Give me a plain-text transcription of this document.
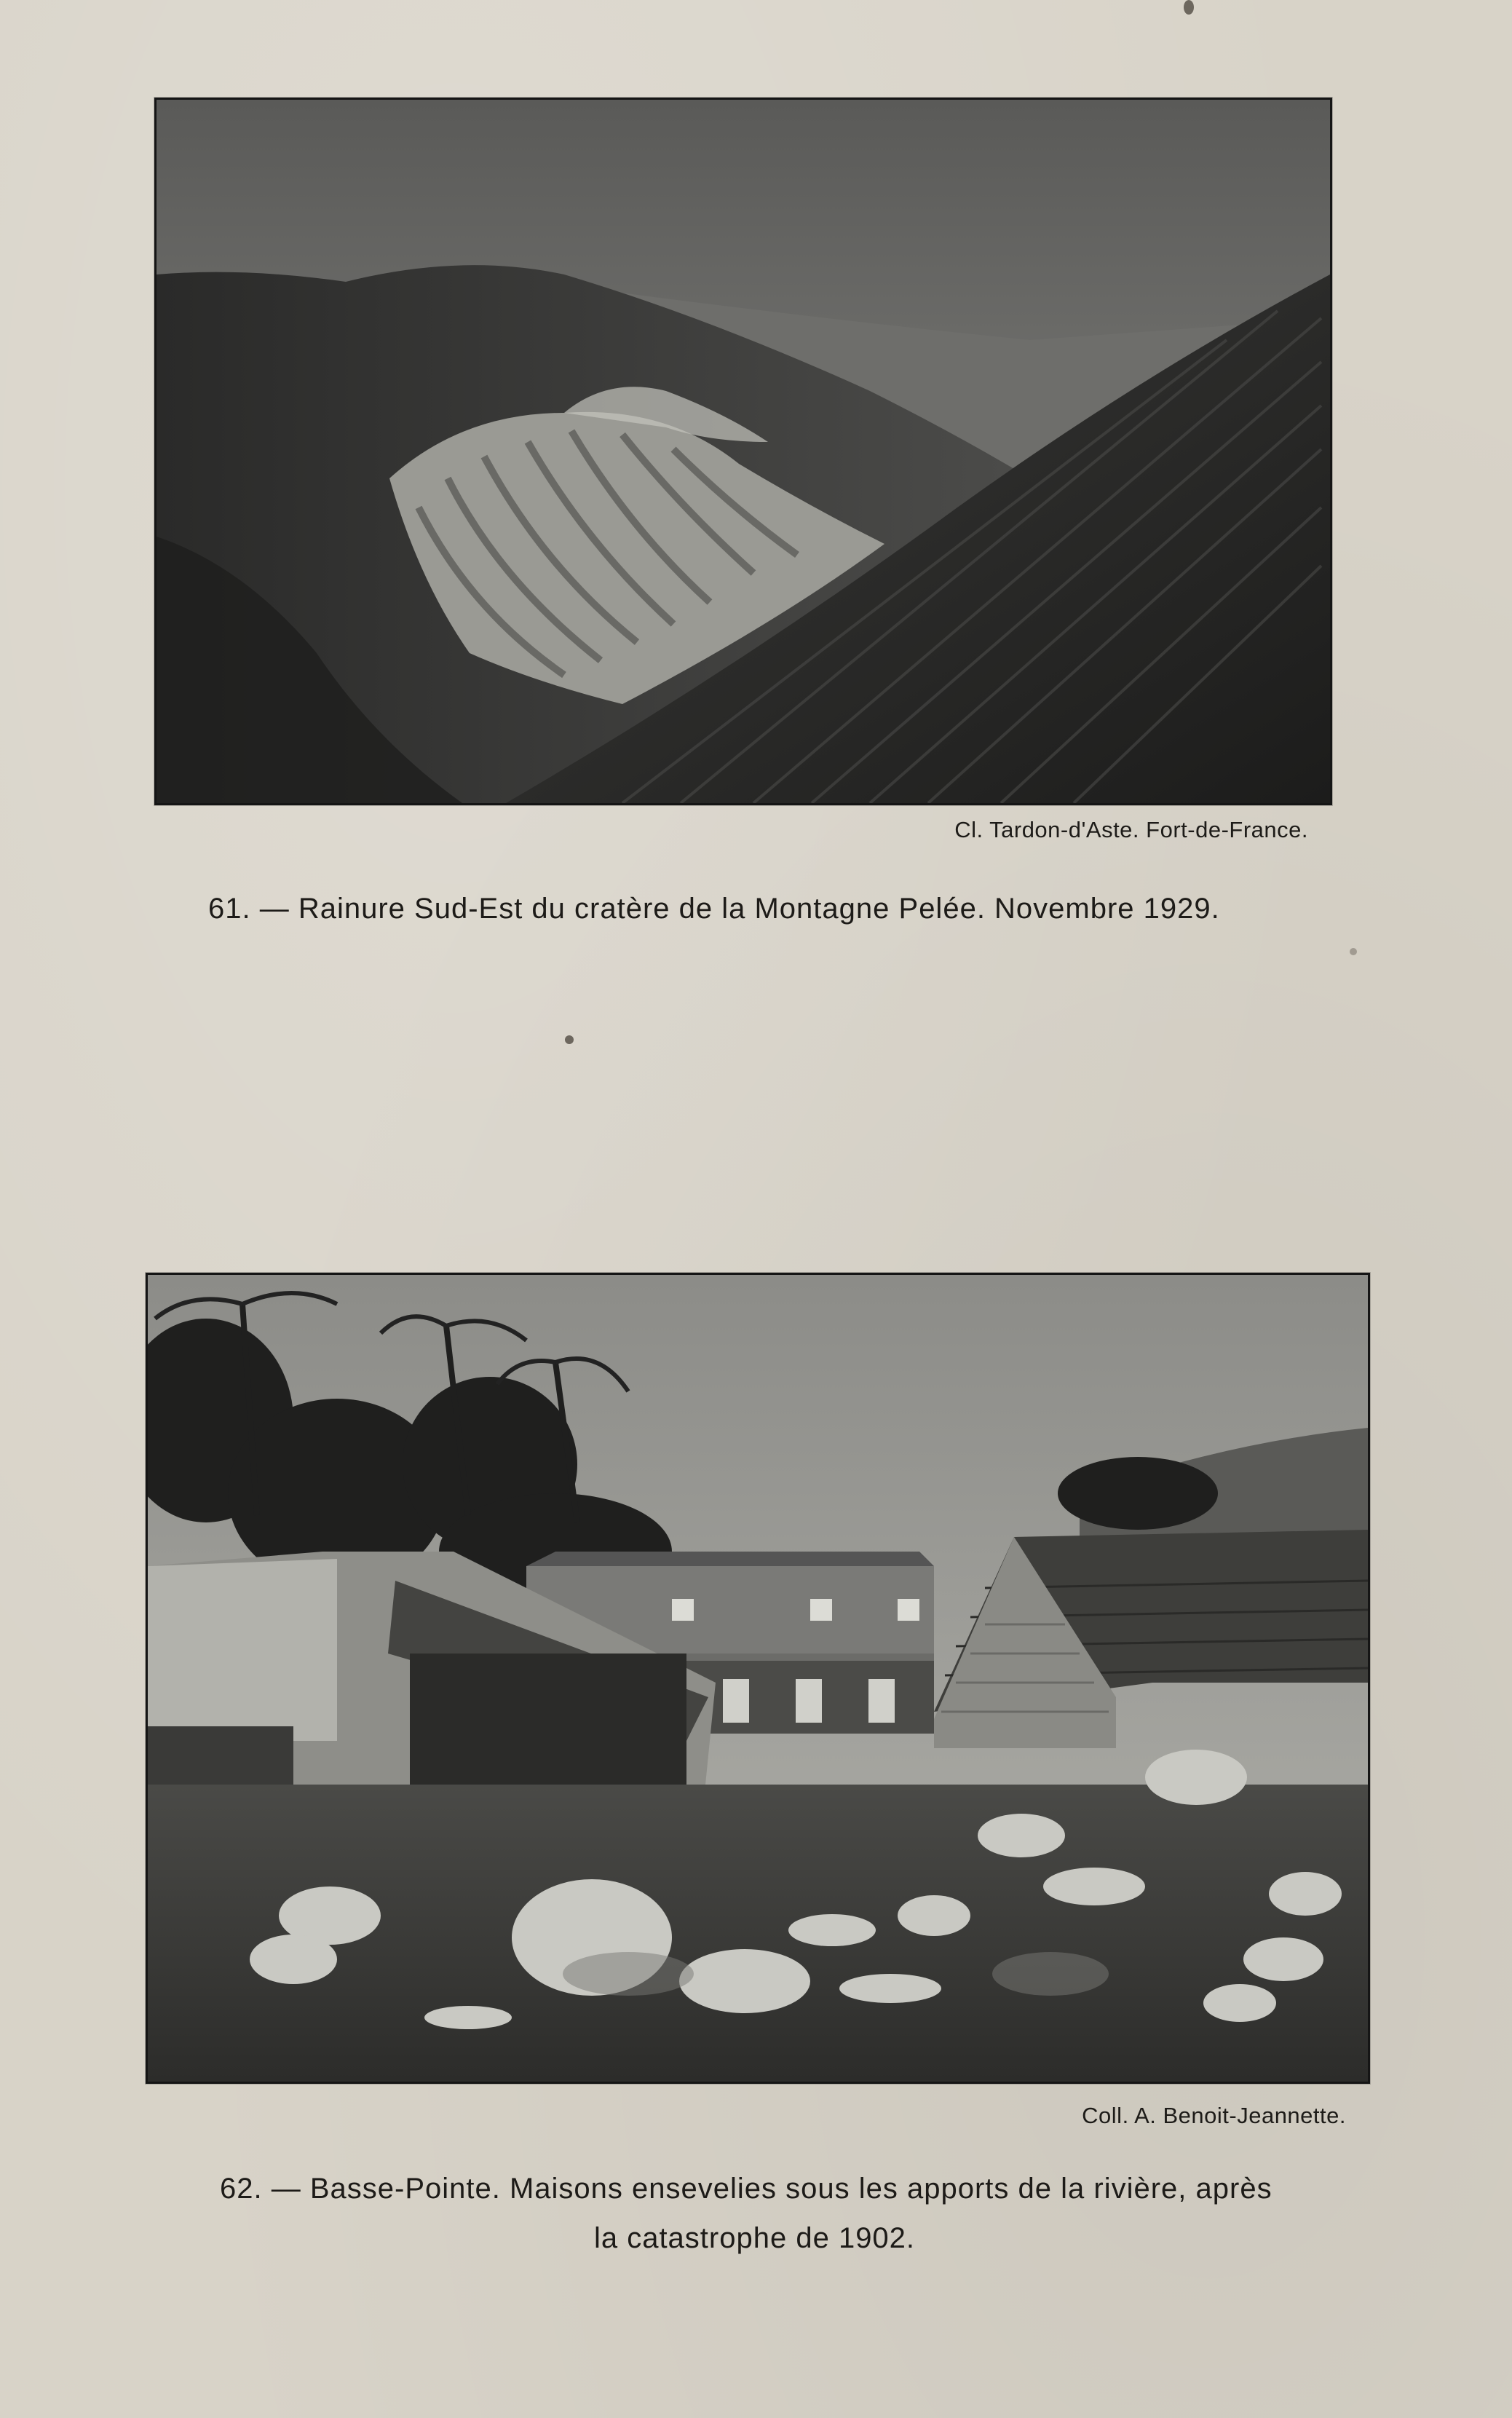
Cl. Tardon-d'Aste. Fort-de-France.
61. — Rainure Sud-Est du cratère de la Montagne Pelée. Novembre 1929.
Coll. A. Benoit-Jeannette.
62. — Basse-Pointe. Maisons ensevelies sous les apports de la rivière, après
la catastrophe de 1902.
